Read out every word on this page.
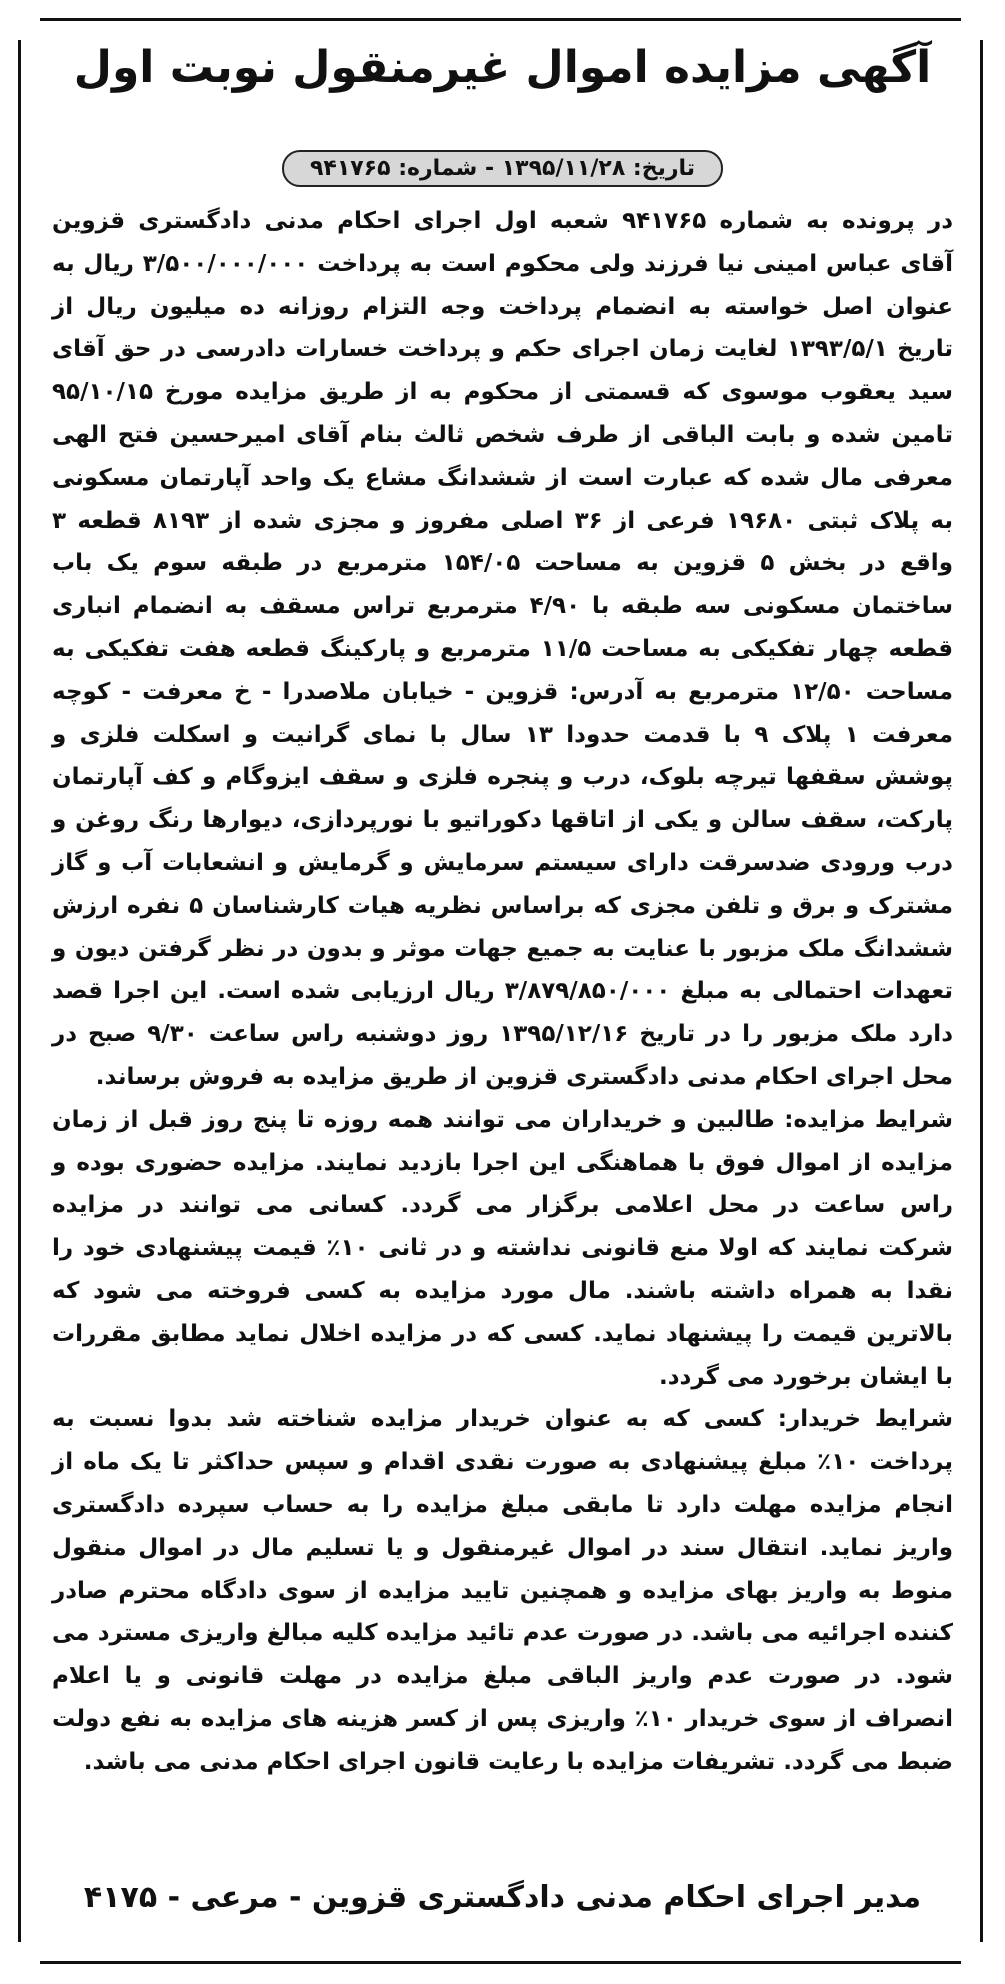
آگهی مزایده اموال غیرمنقول نوبت اول
تاریخ: ۱۳۹۵/۱۱/۲۸ - شماره: ۹۴۱۷۶۵

در پرونده به شماره ۹۴۱۷۶۵ شعبه اول اجرای احکام مدنی دادگستری قزوین آقای عباس امینی نیا فرزند ولی محکوم است به پرداخت ۳/۵۰۰/۰۰۰/۰۰۰ ریال به عنوان اصل خواسته به انضمام پرداخت وجه التزام روزانه ده میلیون ریال از تاریخ ۱۳۹۳/۵/۱ لغایت زمان اجرای حکم و پرداخت خسارات دادرسی در حق آقای سید یعقوب موسوی که قسمتی از محکوم به از طریق مزایده مورخ ۹۵/۱۰/۱۵ تامین شده و بابت الباقی از طرف شخص ثالث بنام آقای امیرحسین فتح الهی معرفی مال شده که عبارت است از ششدانگ مشاع یک واحد آپارتمان مسکونی به پلاک ثبتی ۱۹۶۸۰ فرعی از ۳۶ اصلی مفروز و مجزی شده از ۸۱۹۳ قطعه ۳ واقع در بخش ۵ قزوین به مساحت ۱۵۴/۰۵ مترمربع در طبقه سوم یک باب ساختمان مسکونی سه طبقه با ۴/۹۰ مترمربع تراس مسقف به انضمام انباری قطعه چهار تفکیکی به مساحت ۱۱/۵ مترمربع و پارکینگ قطعه هفت تفکیکی به مساحت ۱۲/۵۰ مترمربع به آدرس: قزوین - خیابان ملاصدرا - خ معرفت - کوچه معرفت ۱ پلاک ۹ با قدمت حدودا ۱۳ سال با نمای گرانیت و اسکلت فلزی و پوشش سقفها تیرچه بلوک، درب و پنجره فلزی و سقف ایزوگام و کف آپارتمان پارکت، سقف سالن و یکی از اتاقها دکوراتیو با نورپردازی، دیوارها رنگ روغن و درب ورودی ضدسرقت دارای سیستم سرمایش و گرمایش و انشعابات آب و گاز مشترک و برق و تلفن مجزی که براساس نظریه هیات کارشناسان ۵ نفره ارزش ششدانگ ملک مزبور با عنایت به جمیع جهات موثر و بدون در نظر گرفتن دیون و تعهدات احتمالی به مبلغ ۳/۸۷۹/۸۵۰/۰۰۰ ریال ارزیابی شده است. این اجرا قصد دارد ملک مزبور را در تاریخ ۱۳۹۵/۱۲/۱۶ روز دوشنبه راس ساعت ۹/۳۰ صبح در محل اجرای احکام مدنی دادگستری قزوین از طریق مزایده به فروش برساند.

شرایط مزایده: طالبین و خریداران می توانند همه روزه تا پنج روز قبل از زمان مزایده از اموال فوق با هماهنگی این اجرا بازدید نمایند. مزایده حضوری بوده و راس ساعت در محل اعلامی برگزار می گردد. کسانی می توانند در مزایده شرکت نمایند که اولا منع قانونی نداشته و در ثانی ۱۰٪ قیمت پیشنهادی خود را نقدا به همراه داشته باشند. مال مورد مزایده به کسی فروخته می شود که بالاترین قیمت را پیشنهاد نماید. کسی که در مزایده اخلال نماید مطابق مقررات با ایشان برخورد می گردد.

شرایط خریدار: کسی که به عنوان خریدار مزایده شناخته شد بدوا نسبت به پرداخت ۱۰٪ مبلغ پیشنهادی به صورت نقدی اقدام و سپس حداکثر تا یک ماه از انجام مزایده مهلت دارد تا مابقی مبلغ مزایده را به حساب سپرده دادگستری واریز نماید. انتقال سند در اموال غیرمنقول و یا تسلیم مال در اموال منقول منوط به واریز بهای مزایده و همچنین تایید مزایده از سوی دادگاه محترم صادر کننده اجرائیه می باشد. در صورت عدم تائید مزایده کلیه مبالغ واریزی مسترد می شود. در صورت عدم واریز الباقی مبلغ مزایده در مهلت قانونی و یا اعلام انصراف از سوی خریدار ۱۰٪ واریزی پس از کسر هزینه های مزایده به نفع دولت ضبط می گردد. تشریفات مزایده با رعایت قانون اجرای احکام مدنی می باشد.

مدیر اجرای احکام مدنی دادگستری قزوین - مرعی - ۴۱۷۵
